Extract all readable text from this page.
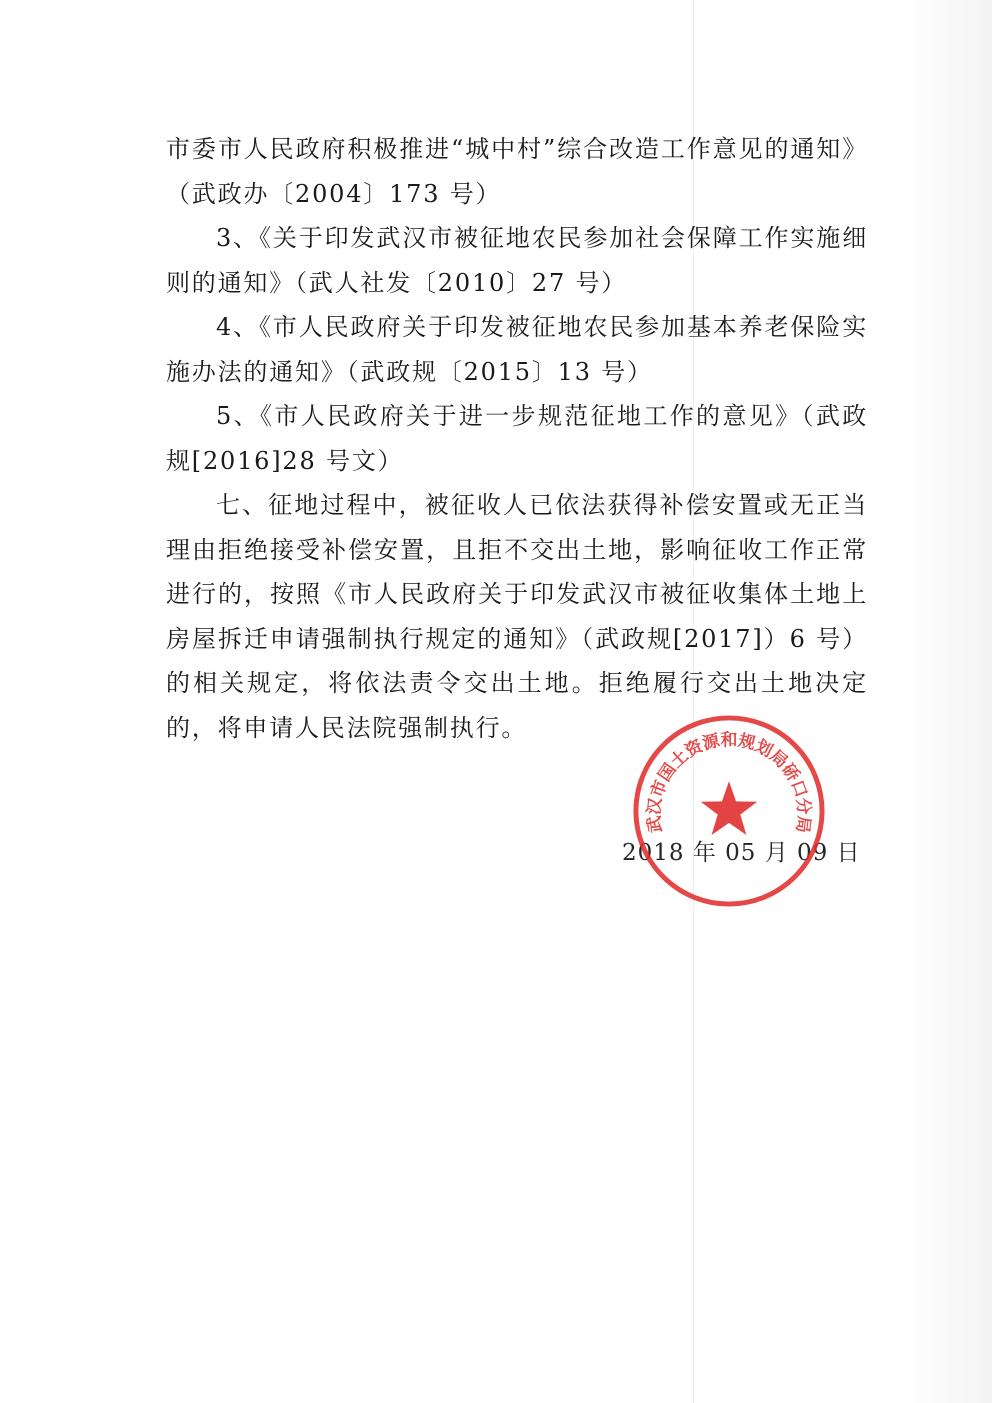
市委市人民政府积极推进“城中村”综合改造工作意见的通知》（武政办〔2004〕173 号）

3、《关于印发武汉市被征地农民参加社会保障工作实施细则的通知》（武人社发〔2010〕27 号）

4、《市人民政府关于印发被征地农民参加基本养老保险实施办法的通知》（武政规〔2015〕13 号）

5、《市人民政府关于进一步规范征地工作的意见》（武政规[2016]28 号文）

七、征地过程中，被征收人已依法获得补偿安置或无正当理由拒绝接受补偿安置，且拒不交出土地，影响征收工作正常进行的，按照《市人民政府关于印发武汉市被征收集体土地上房屋拆迁申请强制执行规定的通知》（武政规[2017]）6 号）的相关规定，将依法责令交出土地。拒绝履行交出土地决定的，将申请人民法院强制执行。

2018 年 05 月 09 日
武汉市国土资源和规划局硚口分局
